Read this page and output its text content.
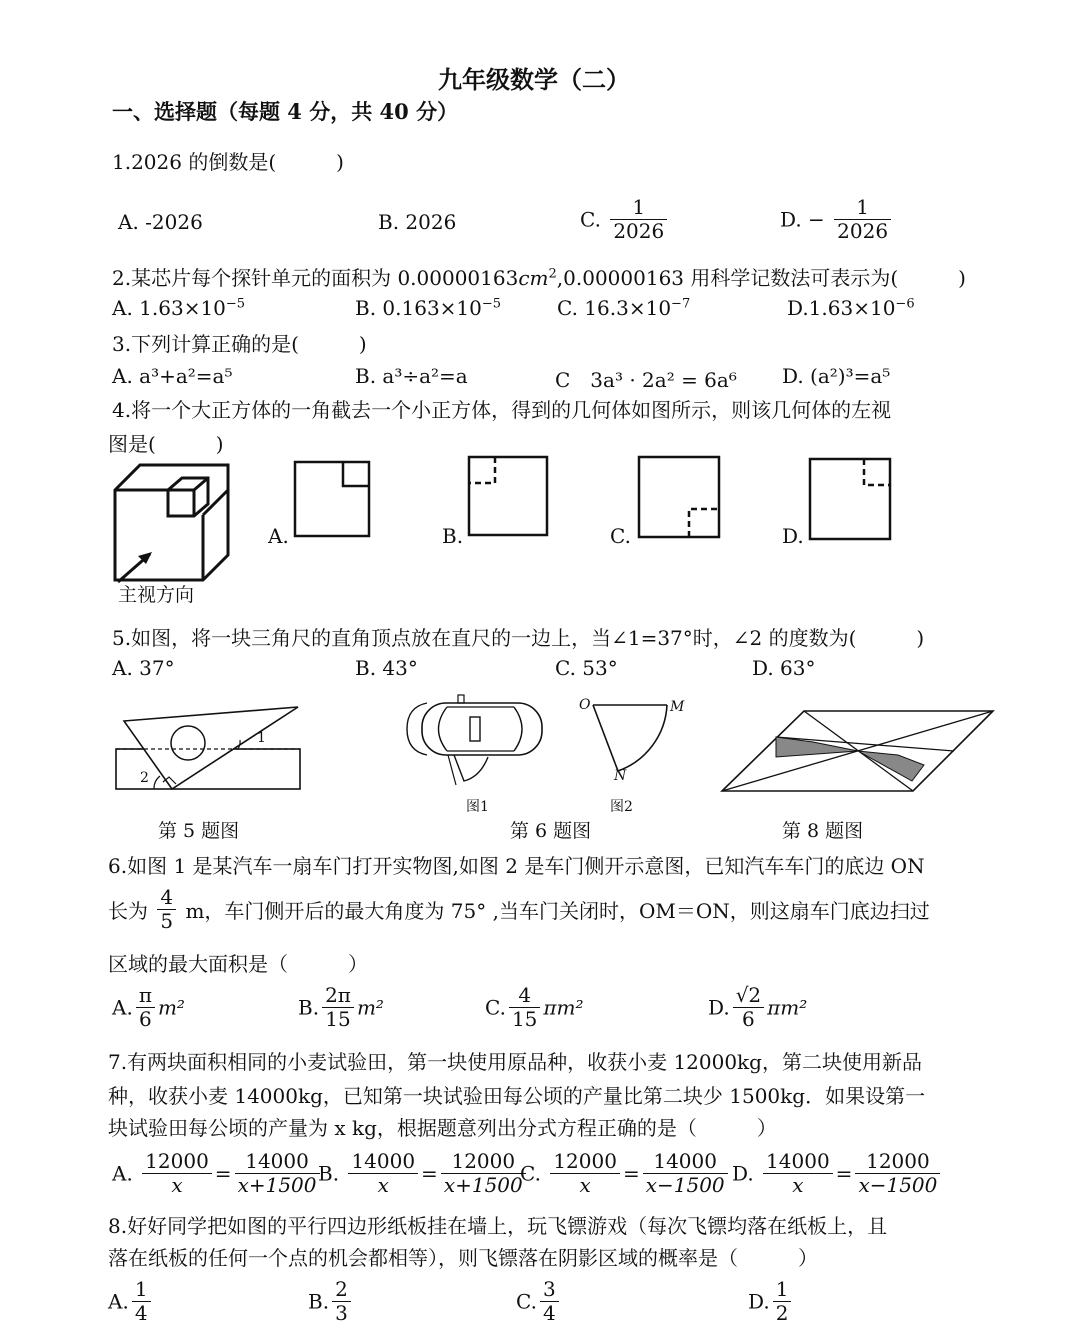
九年级数学（二）
一、选择题（每题 4 分，共 40 分）
1.2026 的倒数是(　　　)
A. -2026	B. 2026	C. $\frac{1}{2026}$	D. − $\frac{1}{2026}$
2.某芯片每个探针单元的面积为 $0.00000163cm^2,0.00000163$ 用科学记数法可表示为(　　　)
A. $1.63\times 10^{-5}$	B. $0.163\times 10^{-5}$	C. $16.3\times 10^{-7}$	$D.1.63\times 10^{-6}$
3.下列计算正确的是(　　　)
A. a³+a²=a⁵	B. a³÷a²=a	C　3a³ · 2a² = 6a⁶ D. (a²)³=a⁵
4.将一个大正方体的一角截去一个小正方体，得到的几何体如图所示，则该几何体的左视
图是(　　　)
主视方向
A.	B.	C.	D.
5.如图，将一块三角尺的直角顶点放在直尺的一边上，当∠1=37°时，∠2 的度数为(　　　)
A. 37°	B. 43°	C. 53°	D. 63°
1
2
第 5 题图
图1
O	M
N
图2
第 6 题图	第 8 题图
6.如图 1 是某汽车一扇车门打开实物图,如图 2 是车门侧开示意图，已知汽车车门的底边 ON
长为 $\frac{4}{5}$ m，车门侧开后的最大角度为 75° ,当车门关闭时，OM＝ON，则这扇车门底边扫过
区域的最大面积是（　　　）
A. $\frac{\pi}{6} m^2$	B. $\frac{2\pi}{15} m^2$	C. $\frac{4}{15} \pi m^2$	D. $\frac{√2}{6} \pi m^2$
7.有两块面积相同的小麦试验田，第一块使用原品种，收获小麦 12000kg，第二块使用新品
种，收获小麦 14000kg，已知第一块试验田每公顷的产量比第二块少 1500kg．如果设第一
块试验田每公顷的产量为 x kg，根据题意列出分式方程正确的是（　　　）
A. $\frac{12000}{x} = \frac{14000}{x+1500}$
B. $\frac{14000}{x} = \frac{12000}{x+1500}$
C. $\frac{12000}{x} = \frac{14000}{x-1500} D$. $\frac{14000}{x} = \frac{12000}{x-1500}$
8.好好同学把如图的平行四边形纸板挂在墙上，玩飞镖游戏（每次飞镖均落在纸板上，且
落在纸板的任何一个点的机会都相等），则飞镖落在阴影区域的概率是（　　　）
A. $\frac{1}{4}$	B. $\frac{2}{3}$	C. $\frac{3}{4}$	D. $\frac{1}{2}$
